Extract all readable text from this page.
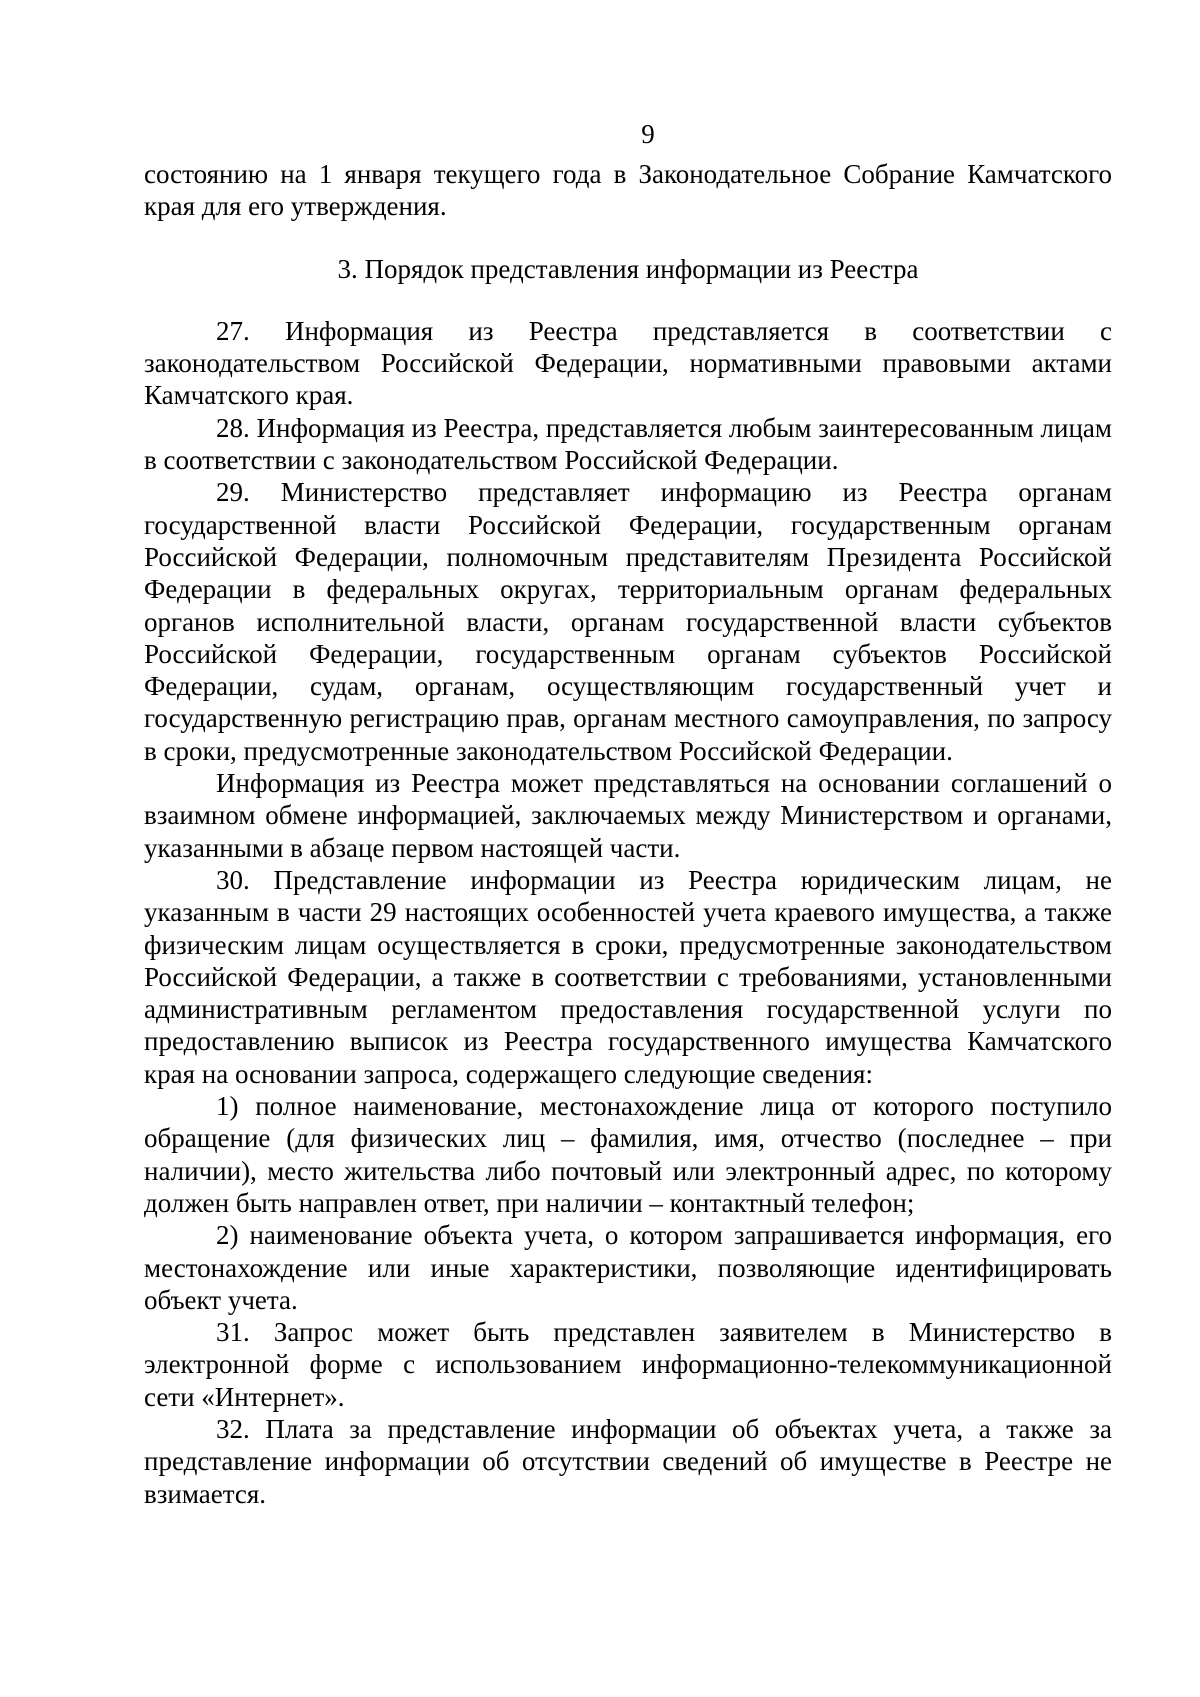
9

состоянию на 1 января текущего года в Законодательное Собрание Камчатского края для его утверждения.

3. Порядок представления информации из Реестра

27. Информация из Реестра представляется в соответствии с законодательством Российской Федерации, нормативными правовыми актами Камчатского края.

28. Информация из Реестра, представляется любым заинтересованным лицам в соответствии с законодательством Российской Федерации.

29. Министерство представляет информацию из Реестра органам государственной власти Российской Федерации, государственным органам Российской Федерации, полномочным представителям Президента Российской Федерации в федеральных округах, территориальным органам федеральных органов исполнительной власти, органам государственной власти субъектов Российской Федерации, государственным органам субъектов Российской Федерации, судам, органам, осуществляющим государственный учет и государственную регистрацию прав, органам местного самоуправления, по запросу в сроки, предусмотренные законодательством Российской Федерации.

Информация из Реестра может представляться на основании соглашений о взаимном обмене информацией, заключаемых между Министерством и органами, указанными в абзаце первом настоящей части.

30. Представление информации из Реестра юридическим лицам, не указанным в части 29 настоящих особенностей учета краевого имущества, а также физическим лицам осуществляется в сроки, предусмотренные законодательством Российской Федерации, а также в соответствии с требованиями, установленными административным регламентом предоставления государственной услуги по предоставлению выписок из Реестра государственного имущества Камчатского края на основании запроса, содержащего следующие сведения:

1) полное наименование, местонахождение лица от которого поступило обращение (для физических лиц – фамилия, имя, отчество (последнее – при наличии), место жительства либо почтовый или электронный адрес, по которому должен быть направлен ответ, при наличии – контактный телефон;

2) наименование объекта учета, о котором запрашивается информация, его местонахождение или иные характеристики, позволяющие идентифицировать объект учета.

31. Запрос может быть представлен заявителем в Министерство в электронной форме с использованием информационно-телекоммуникационной сети «Интернет».

32. Плата за представление информации об объектах учета, а также за представление информации об отсутствии сведений об имуществе в Реестре не взимается.
